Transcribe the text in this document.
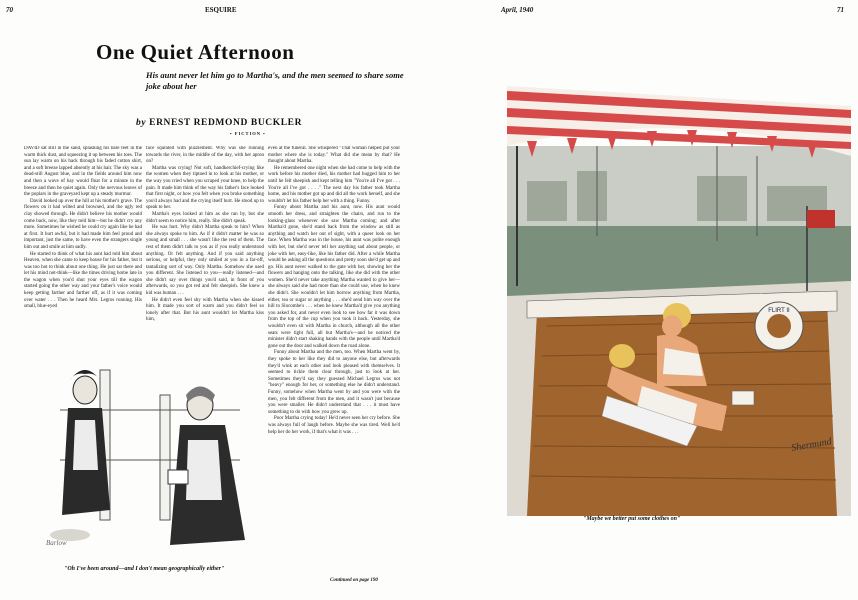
70	ESQUIRE
One Quiet Afternoon
His aunt never let him go to Martha's, and the men seemed to share some joke about her
by ERNEST REDMOND BUCKLER
• FICTION •

DAVID sat still in the sand, splashing his bare feet in the warm thick dust, and squeezing it up between his toes. The sun lay warm on his back through his faded cotton shirt, and a soft breeze lapped absently at his hair. The sky was a dead-still August blue, and in the fields around him now and then a wave of hay would float for a minute in the breeze and then be quiet again. Only the nervous leaves of the poplars in the graveyard kept up a steady murmur.

David looked up over the hill at his mother's grave. The flowers on it had wilted and browned, and the ugly red clay showed through. He didn't believe his mother would come back, now, like they told him—but he didn't cry any more. Sometimes he wished he could cry again like he had at first. It hurt awful, but it had made him feel proud and important, just the same, to have even the strangers single him out and smile at him sadly.

He started to think of what his aunt had told him about Heaven, when she came to keep house for his father, but it was too hot to think about one thing. He just sat there and let his mind not-think—like the times driving home late in the wagon when you'd shut your eyes till the wagon started going the other way and your father's voice would keep getting farther and farther off, as if it was coming over water . . . Then he heard Mrs. Legros running. His small, blue-eyed

face squinted with puzzlement. Why was she running towards the river, in the middle of the day, with her apron on?

Martha was crying! Not soft, handkerchief-crying like the women when they tiptoed in to look at his mother, or the way you cried when you scraped your knee, to help the pain. It made him think of the way his father's face looked that first night, or how you felt when you broke something you'd always had and the crying itself hurt. He stood up to speak to her.

Martha's eyes looked at him as she ran by, but she didn't seem to notice him, really. She didn't speak.

He was hurt. Why didn't Martha speak to him? When she always spoke to him. As if it didn't matter he was so young and small . . . she wasn't like the rest of them. The rest of them didn't talk to you as if you really understood anything. Or felt anything. And if you said anything serious, or helpful, they only smiled at you in a far-off, tantalizing sort of way. Only Martha. Somehow she used you different. She listened to you—really listened—and she didn't say over things you'd said, in front of you afterwards, so you got red and felt sheepish. She knew a kid was human . . .

He didn't even feel shy with Martha when she kissed him. It made you sort of warm and you didn't feel so lonely after that. But his aunt wouldn't let Martha kiss him,

even at the funeral. She whispered "That woman helped put your mother where she is today." What did she mean by that? He thought about Martha.

He remembered one night when she had come to help with the work before his mother died, his mother had hugged him to her until he felt sheepish and kept telling him "You're all I've got . . . You're all I've got . . . ." The next day his father took Martha home, and his mother got up and did all the work herself, and she wouldn't let his father help her with a thing. Funny.

Funny about Martha and his aunt, now. His aunt would smooth her dress, and straighten the chairs, and run to the looking-glass whenever she saw Martha coming; and after Martha'd gone, she'd stand back from the window as still as anything and watch her out of sight, with a queer look on her face. When Martha was in the house, his aunt was polite enough with her, but she'd never tell her anything sad about people, or joke with her, easy-like, like his father did. After a while Martha would be asking all the questions and pretty soon she'd get up and go. His aunt never walked to the gate with her, showing her the flowers and hanging onto the talking, like she did with the other women. She'd never take anything Martha wanted to give her—she always said she had more than she could use, when he knew she didn't. She wouldn't let him borrow anything from Martha, either, tea or sugar or anything . . . she'd send him way over the hill to Slocombe's . . . when he knew Martha'd give you anything you asked for, and never even look to see how far it was down from the top of the cup when you took it back. Yesterday, she wouldn't even sit with Martha in church, although all the other seats were tight full, all but Martha's—and he noticed the minister didn't start shaking hands with the people until Martha'd gone out the door and walked down the road alone.

Funny about Martha and the men, too. When Martha went by, they spoke to her like they did to anyone else, but afterwards they'd wink at each other and look pleased with themselves. It seemed to tickle them clear through, just to look at her. Sometimes they'd say they guessed Michael Legros was not "heavy" enough for her, or something else he didn't understand. Funny, somehow when Martha went by and you were with the men, you felt different from the men, and it wasn't just because you were smaller. He didn't understand that . . . it must have something to do with how you grew up.

Poor Martha crying today! He'd never seen her cry before. She was always full of laugh before. Maybe she was tired. Well he'd help her do her work, if that's what it was . . .

Continued on page 190
Barlow
"Oh I've been around—and I don't mean geographically either"
April, 1940	71
FLIRT II
Shermund
"Maybe we better put some clothes on"
